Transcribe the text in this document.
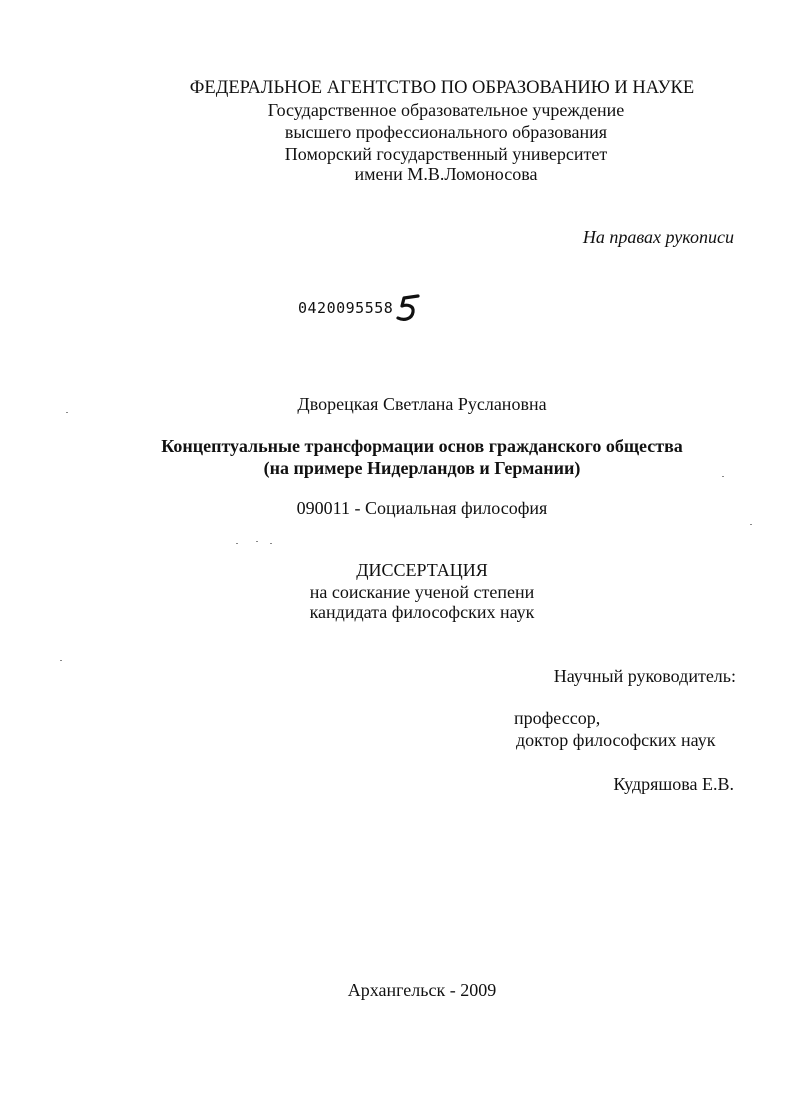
ФЕДЕРАЛЬНОЕ АГЕНТСТВО ПО ОБРАЗОВАНИЮ И НАУКЕ
Государственное образовательное учреждение
высшего профессионального образования
Поморский государственный университет
имени М.В.Ломоносова
На правах рукописи
0420095558
Дворецкая Светлана Руслановна
Концептуальные трансформации основ гражданского общества
(на примере Нидерландов и Германии)
090011 - Социальная философия
ДИССЕРТАЦИЯ
на соискание ученой степени
кандидата философских наук
Научный руководитель:
профессор,
доктор философских наук
Кудряшова Е.В.
Архангельск - 2009
